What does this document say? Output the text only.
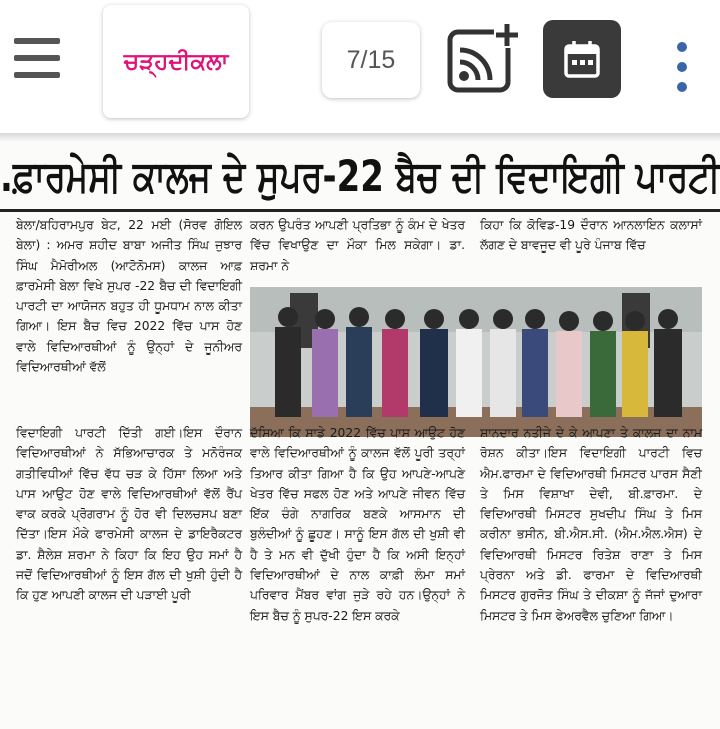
ਚੜ੍ਹਦੀਕਲਾ	7/15
.ਫ਼ਾਰਮੇਸੀ ਕਾਲਜ ਦੇ ਸੁਪਰ-22 ਬੈਚ ਦੀ ਵਿਦਾਇਗੀ ਪਾਰਟੀ

ਬੇਲਾ/ਬਹਿਰਾਮਪੁਰ ਬੇਟ, 22 ਮਈ (ਸੋਰਵ ਗੋਇਲ ਬੇਲਾ) : ਅਮਰ ਸ਼ਹੀਦ ਬਾਬਾ ਅਜੀਤ ਸਿੰਘ ਜੁਝਾਰ ਸਿੰਘ ਮੈਮੋਰੀਅਲ (ਆਟੋਨੋਮਸ) ਕਾਲਜ ਆਫ਼ ਫ਼ਾਰਮੇਸੀ ਬੇਲਾ ਵਿਖੇ ਸੁਪਰ -22 ਬੈਚ ਦੀ ਵਿਦਾਇਗੀ ਪਾਰਟੀ ਦਾ ਆਯੋਜਨ ਬਹੁਤ ਹੀ ਧੂਮਧਾਮ ਨਾਲ ਕੀਤਾ ਗਿਆ। ਇਸ ਬੈਚ ਵਿਚ 2022 ਵਿੱਚ ਪਾਸ ਹੋਣ ਵਾਲੇ ਵਿਦਿਆਰਥੀਆਂ ਨੂੰ ਉਨ੍ਹਾਂ ਦੇ ਜੂਨੀਅਰ ਵਿਦਿਆਰਥੀਆਂ ਵੱਲੋਂ

ਕਰਨ ਉਪਰੰਤ ਆਪਣੀ ਪ੍ਰਤਿਭਾ ਨੂੰ ਕੰਮ ਦੇ ਖੇਤਰ ਵਿੱਚ ਵਿਖਾਉਣ ਦਾ ਮੌਕਾ ਮਿਲ ਸਕੇਗਾ। ਡਾ. ਸ਼ਰਮਾ ਨੇ

ਕਿਹਾ ਕਿ ਕੋਵਿਡ-19 ਦੌਰਾਨ ਆਨਲਾਇਨ ਕਲਾਸਾਂ ਲੱਗਣ ਦੇ ਬਾਵਜੂਦ ਵੀ ਪੂਰੇ ਪੰਜਾਬ ਵਿੱਚ

ਵਿਦਾਇਗੀ ਪਾਰਟੀ ਦਿੱਤੀ ਗਈ।ਇਸ ਦੌਰਾਨ ਵਿਦਿਆਰਥੀਆਂ ਨੇ ਸੱਭਿਆਚਾਰਕ ਤੇ ਮਨੋਰੰਜਕ ਗਤੀਵਿਧੀਆਂ ਵਿੱਚ ਵੱਧ ਚੜ ਕੇ ਹਿੱਸਾ ਲਿਆ ਅਤੇ ਪਾਸ ਆਉਟ ਹੋਣ ਵਾਲੇ ਵਿਦਿਆਰਥੀਆਂ ਵੱਲੋਂ ਰੈਂਪ ਵਾਕ ਕਰਕੇ ਪ੍ਰੋਗਰਾਮ ਨੂੰ ਹੋਰ ਵੀ ਦਿਲਚਸਪ ਬਣਾ ਦਿੱਤਾ।ਇਸ ਮੌਕੇ ਫਾਰਮੇਸੀ ਕਾਲਜ ਦੇ ਡਾਇਰੈਕਟਰ ਡਾ. ਸ਼ੈਲੇਸ਼ ਸ਼ਰਮਾ ਨੇ ਕਿਹਾ ਕਿ ਇਹ ਉਹ ਸਮਾਂ ਹੈ ਜਦੋਂ ਵਿਦਿਆਰਥੀਆਂ ਨੂੰ ਇਸ ਗੱਲ ਦੀ ਖੁਸ਼ੀ ਹੁੰਦੀ ਹੈ ਕਿ ਹੁਣ ਆਪਣੀ ਕਾਲਜ ਦੀ ਪੜਾਈ ਪੂਰੀ
ਦੱਸਿਆ ਕਿ ਸਾਡੇ 2022 ਵਿੱਚ ਪਾਸ ਆਉਟ ਹੋਣ ਵਾਲੇ ਵਿਦਿਆਰਥੀਆਂ ਨੂੰ ਕਾਲਜ ਵੱਲੋਂ ਪੂਰੀ ਤਰ੍ਹਾਂ ਤਿਆਰ ਕੀਤਾ ਗਿਆ ਹੈ ਕਿ ਉਹ ਆਪਣੇ-ਆਪਣੇ ਖੇਤਰ ਵਿੱਚ ਸਫਲ ਹੋਣ ਅਤੇ ਆਪਣੇ ਜੀਵਨ ਵਿੱਚ ਇੱਕ ਚੰਗੇ ਨਾਗਰਿਕ ਬਣਕੇ ਆਸਮਾਨ ਦੀ ਬੁਲੰਦੀਆਂ ਨੂੰ ਛੂਹਣ। ਸਾਨੂੰ ਇਸ ਗੱਲ ਦੀ ਖੁਸ਼ੀ ਵੀ ਹੈ ਤੇ ਮਨ ਵੀ ਦੁੱਖੀ ਹੁੰਦਾ ਹੈ ਕਿ ਅਸੀ ਇਨ੍ਹਾਂ ਵਿਦਿਆਰਥੀਆਂ ਦੇ ਨਾਲ ਕਾਫ਼ੀ ਲੰਮਾ ਸਮਾਂ ਪਰਿਵਾਰ ਮੈਂਬਰ ਵਾਂਗ ਜੁੜੇ ਰਹੇ ਹਨ।ਉਨ੍ਹਾਂ ਨੇ ਇਸ ਬੈਚ ਨੂੰ ਸੁਪਰ-22 ਇਸ ਕਰਕੇ
ਸ਼ਾਨਦਾਰ ਨਤੀਜੇ ਦੇ ਕੇ ਆਪਣਾ ਤੇ ਕਾਲਜ ਦਾ ਨਾਮ ਰੋਸ਼ਨ ਕੀਤਾ।ਇਸ ਵਿਦਾਇਗੀ ਪਾਰਟੀ ਵਿਚ ਐਮ.ਫਾਰਮਾ ਦੇ ਵਿਦਿਆਰਥੀ ਮਿਸਟਰ ਪਾਰਸ ਸੈਣੀ ਤੇ ਮਿਸ ਵਿਸ਼ਾਖਾ ਦੇਵੀ, ਬੀ.ਫ਼ਾਰਮਾ. ਦੇ ਵਿਦਿਆਰਥੀ ਮਿਸਟਰ ਸੁਖਦੀਪ ਸਿੰਘ ਤੇ ਮਿਸ ਕਰੀਨਾ ਭਸੀਨ, ਬੀ.ਐਸ.ਸੀ. (ਐਮ.ਐਲ.ਐਸ) ਦੇ ਵਿਦਿਆਰਥੀ ਮਿਸਟਰ ਰਿਤੇਸ਼ ਰਾਣਾ ਤੇ ਮਿਸ ਪ੍ਰੇਰਨਾ ਅਤੇ ਡੀ. ਫਾਰਮਾ ਦੇ ਵਿਦਿਆਰਥੀ ਮਿਸਟਰ ਗੁਰਜੋਤ ਸਿੰਘ ਤੇ ਦੀਕਸ਼ਾ ਨੂੰ ਜੱਜਾਂ ਦੁਆਰਾ ਮਿਸਟਰ ਤੇ ਮਿਸ ਫੇਅਰਵੈਲ ਚੁਣਿਆ ਗਿਆ।
